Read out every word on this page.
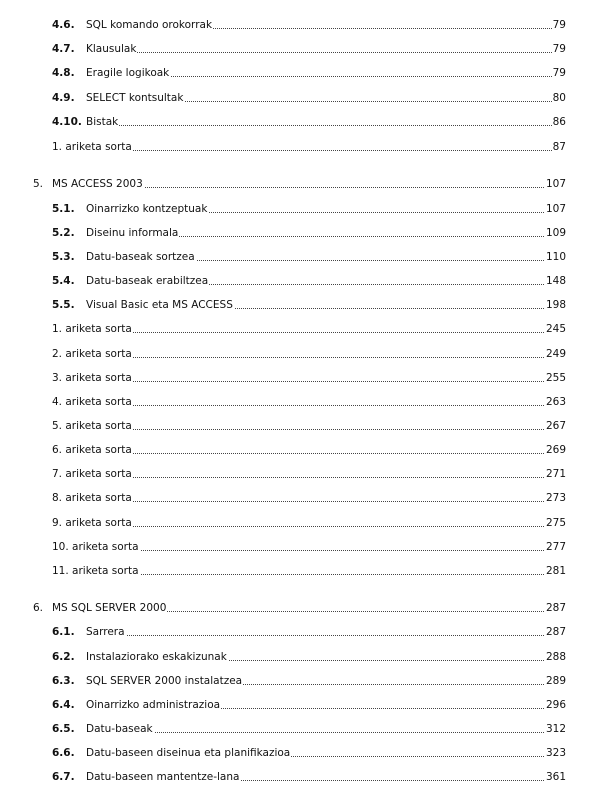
4.6. SQL komando orokorrak	79
4.7. Klausulak	79
4.8. Eragile logikoak	79
4.9. SELECT kontsultak	80
4.10. Bistak	86
1. ariketa sorta	87
5. MS ACCESS 2003	107
5.1. Oinarrizko kontzeptuak	107
5.2. Diseinu informala	109
5.3. Datu-baseak sortzea	110
5.4. Datu-baseak erabiltzea	148
5.5. Visual Basic eta MS ACCESS	198
1. ariketa sorta	245
2. ariketa sorta	249
3. ariketa sorta	255
4. ariketa sorta	263
5. ariketa sorta	267
6. ariketa sorta	269
7. ariketa sorta	271
8. ariketa sorta	273
9. ariketa sorta	275
10. ariketa sorta	277
11. ariketa sorta	281
6. MS SQL SERVER 2000	287
6.1. Sarrera	287
6.2. Instalaziorako eskakizunak	288
6.3. SQL SERVER 2000 instalatzea	289
6.4. Oinarrizko administrazioa	296
6.5. Datu-baseak	312
6.6. Datu-baseen diseinua eta planifikazioa	323
6.7. Datu-baseen mantentze-lana	361
